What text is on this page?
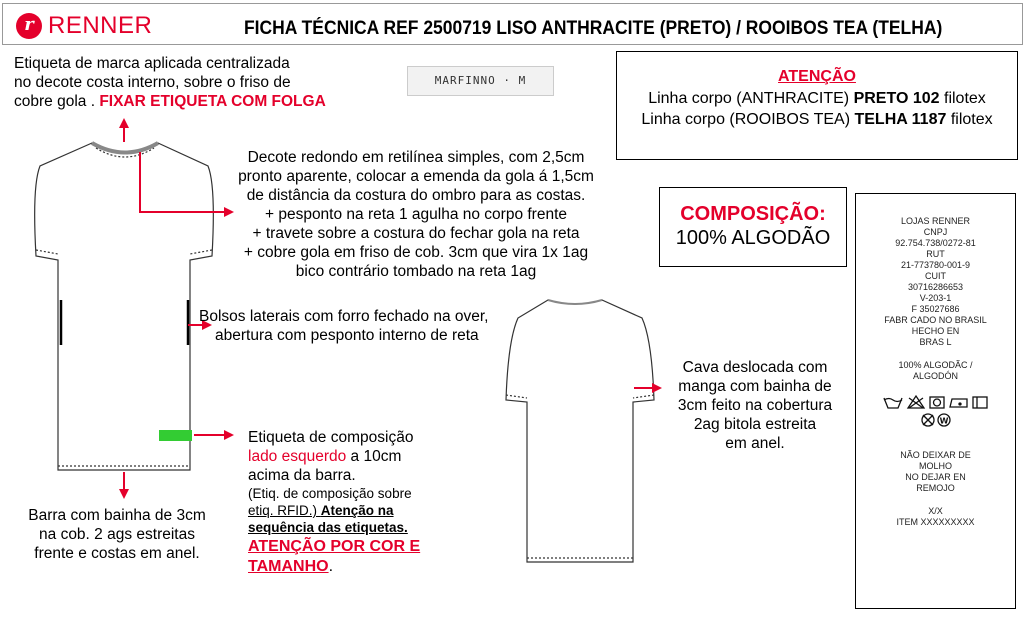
r RENNER	FICHA TÉCNICA REF 2500719 LISO ANTHRACITE (PRETO) / ROOIBOS TEA (TELHA)
Etiqueta de marca aplicada centralizada
no decote costa interno, sobre o friso de
cobre gola . FIXAR ETIQUETA COM FOLGA
MARFINNO · M	ATENÇÃO
Linha corpo (ANTHRACITE) PRETO 102 filotex
Linha corpo (ROOIBOS TEA) TELHA 1187 filotex
Decote redondo em retilínea simples, com 2,5cm
pronto aparente, colocar a emenda da gola á 1,5cm
de distância da costura do ombro para as costas.
+ pesponto na reta 1 agulha no corpo frente
+ travete sobre a costura do fechar gola na reta
+ cobre gola em friso de cob. 3cm que vira 1x 1ag
bico contrário tombado na reta 1ag
COMPOSIÇÃO:
100% ALGODÃO
Bolsos laterais com forro fechado na over,
abertura com pesponto interno de reta
Cava deslocada com
manga com bainha de
3cm feito na cobertura
2ag bitola estreita
em anel.
Etiqueta de composição
lado esquerdo a 10cm
acima da barra.
(Etiq. de composição sobre
etiq. RFID.) Atenção na
sequência das etiquetas.
ATENÇÃO POR COR E
TAMANHO.
Barra com bainha de 3cm
na cob. 2 ags estreitas
frente e costas em anel.
LOJAS RENNER
CNPJ
92.754.738/0272-81
RUT
21-773780-001-9
CUIT
30716286653
V-203-1
F 35027686
FABR CADO NO BRASIL
HECHO EN
BRAS L
100% ALGODÃC /
ALGODÓN
W
NÃO DEIXAR DE
MOLHO
NO DEJAR EN
REMOJO
X/X
ITEM XXXXXXXXX
